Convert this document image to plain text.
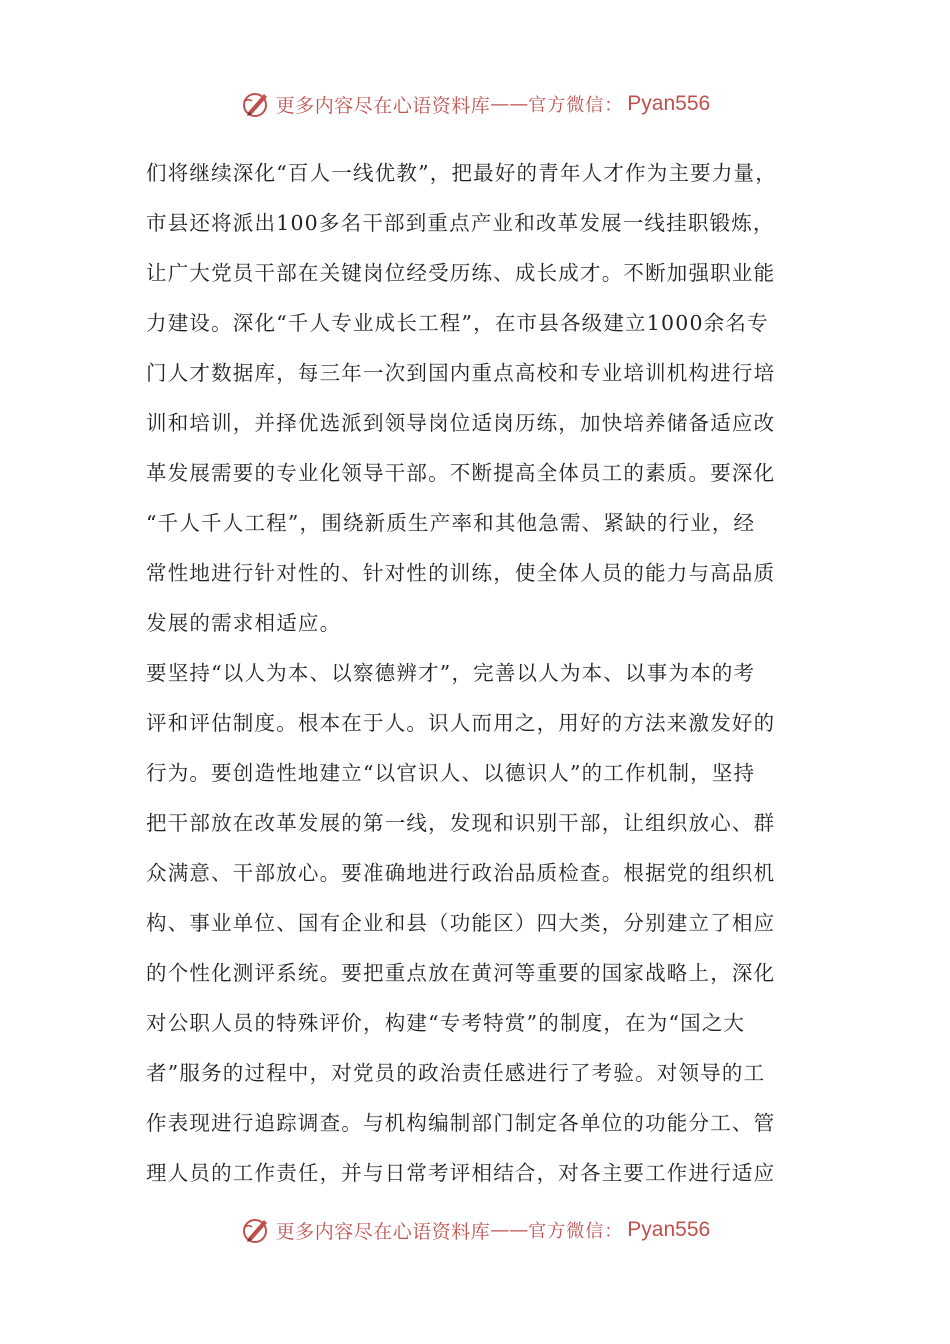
更多内容尽在心语资料库 —— 官方微信： Pyan556
们将继续深化“百人一线优教”，把最好的青年人才作为主要力量，
市县还将派出100多名干部到重点产业和改革发展一线挂职锻炼，
让广大党员干部在关键岗位经受历练、成长成才。不断加强职业能
力建设。深化“千人专业成长工程”，在市县各级建立1000余名专
门人才数据库，每三年一次到国内重点高校和专业培训机构进行培
训和培训，并择优选派到领导岗位适岗历练，加快培养储备适应改
革发展需要的专业化领导干部。不断提高全体员工的素质。要深化
“千人千人工程”，围绕新质生产率和其他急需、紧缺的行业，经
常性地进行针对性的、针对性的训练，使全体人员的能力与高品质
发展的需求相适应。
要坚持“以人为本、以察德辨才”，完善以人为本、以事为本的考
评和评估制度。根本在于人。识人而用之，用好的方法来激发好的
行为。要创造性地建立“以官识人、以德识人”的工作机制，坚持
把干部放在改革发展的第一线，发现和识别干部，让组织放心、群
众满意、干部放心。要准确地进行政治品质检查。根据党的组织机
构、事业单位、国有企业和县（功能区）四大类，分别建立了相应
的个性化测评系统。要把重点放在黄河等重要的国家战略上，深化
对公职人员的特殊评价，构建“专考特赏”的制度，在为“国之大
者”服务的过程中，对党员的政治责任感进行了考验。对领导的工
作表现进行追踪调查。与机构编制部门制定各单位的功能分工、管
理人员的工作责任，并与日常考评相结合，对各主要工作进行适应
更多内容尽在心语资料库 —— 官方微信： Pyan556
